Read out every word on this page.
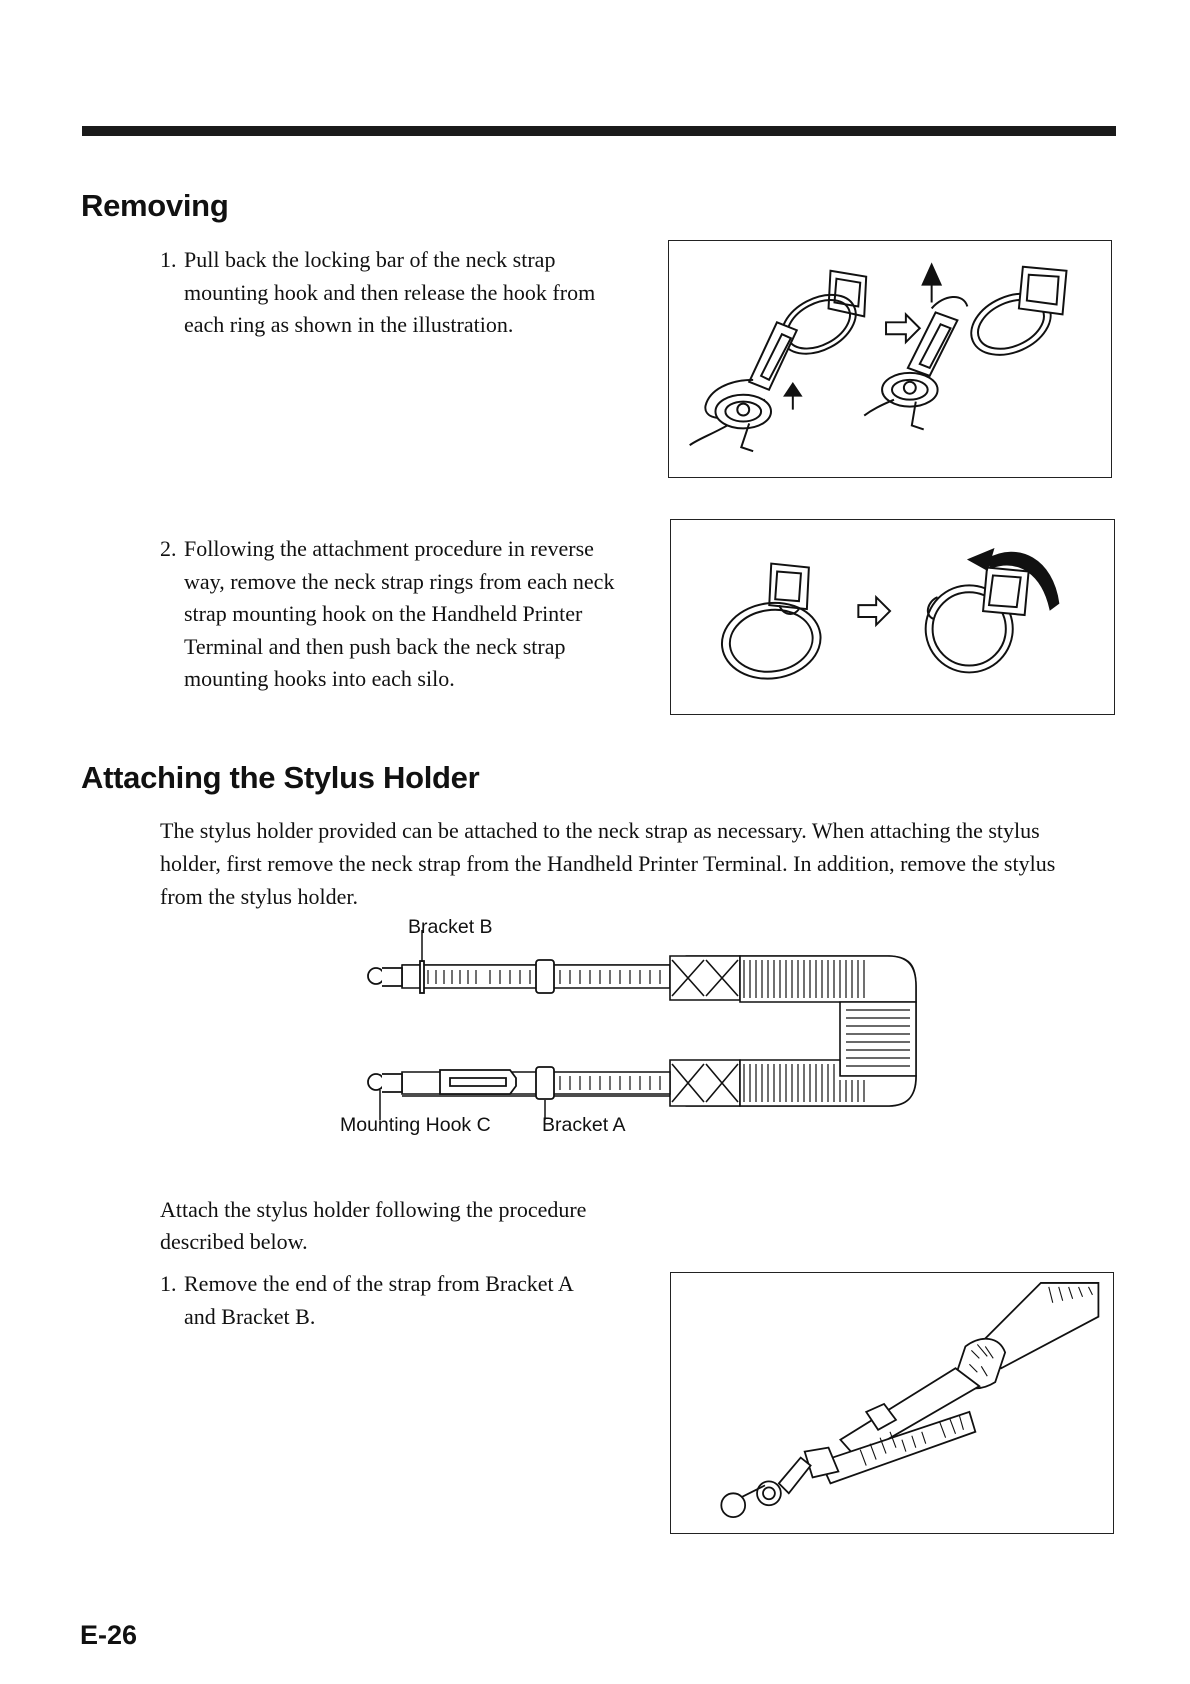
Removing
1. Pull back the locking bar of the neck strap mounting hook and then release the hook from each ring as shown in the illustration.
2. Following the attachment procedure in reverse way, remove the neck strap rings from each neck strap mounting hook on the Handheld Printer Terminal and then push back the neck strap mounting hooks into each silo.
Attaching the Stylus Holder

The stylus holder provided can be attached to the neck strap as necessary. When attaching the stylus holder, first remove the neck strap from the Handheld Printer Terminal. In addition, remove the stylus from the stylus holder.

Bracket B
Mounting Hook C	Bracket A

Attach the stylus holder following the procedure described below.

1. Remove the end of the strap from Bracket A and Bracket B.
E-26
